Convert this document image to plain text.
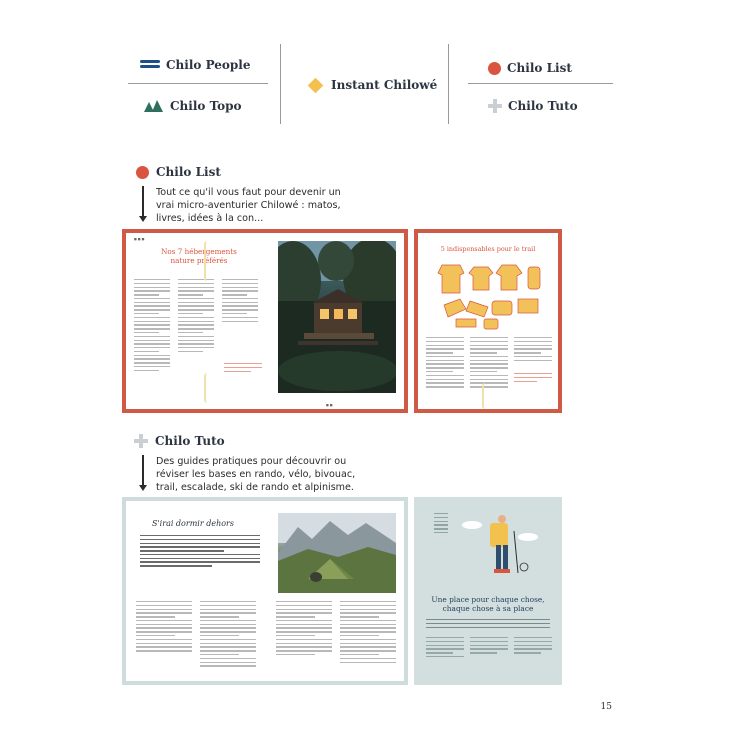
Chilo People
Chilo Topo
Instant Chilowé
Chilo List
Chilo Tuto
Chilo List
Tout ce qu'il vous faut pour devenir un
vrai micro-aventurier Chilowé : matos,
livres, idées à la con...
■ ■ ■
Nos 7 hébergements
nature préférés
■ ■
5 indispensables pour le trail
Chilo Tuto
Des guides pratiques pour découvrir ou
réviser les bases en rando, vélo, bivouac,
trail, escalade, ski de rando et alpinisme.
S'irai dormir dehors
Une place pour chaque chose,
chaque chose à sa place
15
